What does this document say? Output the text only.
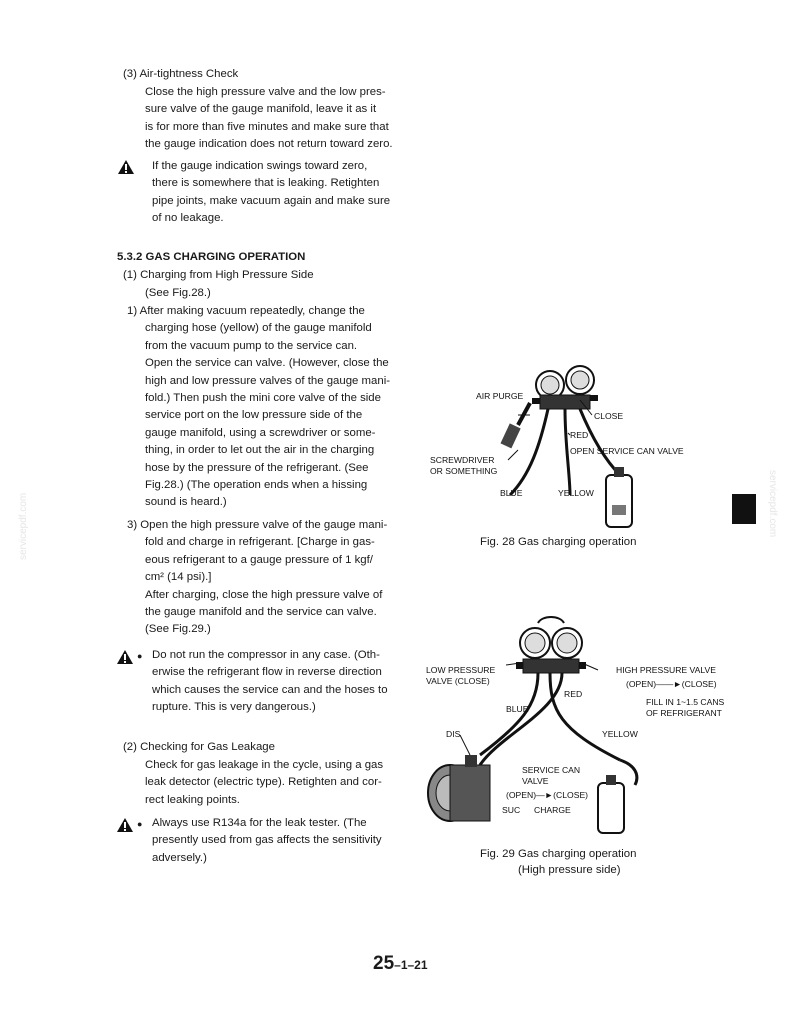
servicepdf.com	servicepdf.com
(3) Air-tightness Check
Close the high pressure valve and the low pres-
sure valve of the gauge manifold, leave it as it
is for more than five minutes and make sure that
the gauge indication does not return toward zero.
If the gauge indication swings toward zero,
there is somewhere that is leaking. Retighten
pipe joints, make vacuum again and make sure
of no leakage.
5.3.2 GAS CHARGING OPERATION
(1) Charging from High Pressure Side
(See Fig.28.)
1) After making vacuum repeatedly, change the
charging hose (yellow) of the gauge manifold
from the vacuum pump to the service can.
Open the service can valve. (However, close the
high and low pressure valves of the gauge mani-
fold.) Then push the mini core valve of the side
service port on the low pressure side of the
gauge manifold, using a screwdriver or some-
thing, in order to let out the air in the charging
hose by the pressure of the refrigerant. (See
Fig.28.) (The operation ends when a hissing
sound is heard.)
3) Open the high pressure valve of the gauge mani-
fold and charge in refrigerant. [Charge in gas-
eous refrigerant to a gauge pressure of 1 kgf/
cm² (14 psi).]
After charging, close the high pressure valve of
the gauge manifold and the service can valve.
(See Fig.29.)
● Do not run the compressor in any case. (Oth-
erwise the refrigerant flow in reverse direction
which causes the service can and the hoses to
rupture. This is very dangerous.)
(2) Checking for Gas Leakage
Check for gas leakage in the cycle, using a gas
leak detector (electric type). Retighten and cor-
rect leaking points.
● Always use R134a for the leak tester. (The
presently used from gas affects the sensitivity
adversely.)
AIR PURGE
CLOSE
RED
OPEN SERVICE CAN VALVE
SCREWDRIVER
OR SOMETHING
BLUE	YELLOW
Fig. 28 Gas charging operation
LOW PRESSURE
VALVE (CLOSE)
HIGH PRESSURE VALVE
(OPEN)——►(CLOSE)
RED
FILL IN 1~1.5 CANS
OF REFRIGERANT
BLUE
DIS	YELLOW
SERVICE CAN
VALVE
(OPEN)—►(CLOSE)
SUC CHARGE
Fig. 29 Gas charging operation
(High pressure side)
25–1–21
